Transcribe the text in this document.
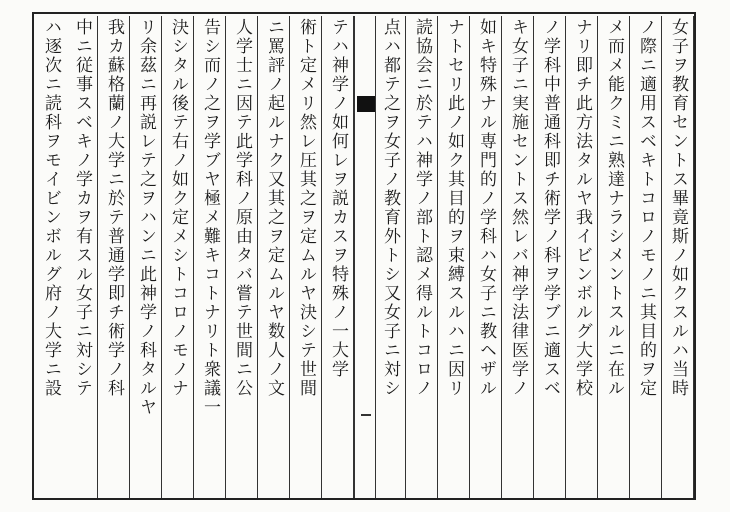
女子ヲ教育セントス畢竟斯ノ如クスルハ当時
ノ際ニ適用スベキトコロノモノニ其目的ヲ定
メ而メ能クミニ熟達ナラシメントスルニ在ル
ナリ即チ此方法タルヤ我イビンボルグ大学校
ノ学科中普通科即チ術学ノ科ヲ学ブニ適スベ
キ女子ニ実施セントス然レバ神学法律医学ノ
如キ特殊ナル専門的ノ学科ハ女子ニ教ヘザル
ナトセリ此ノ如ク其目的ヲ束縛スルハニ因リ
読協会ニ於テハ神学ノ部ト認メ得ルトコロノ
点ハ都テ之ヲ女子ノ教育外トシ又女子ニ対シ
テハ神学ノ如何レヲ説カスヲ特殊ノ一大学
術ト定メリ然レ圧其之ヲ定ムルヤ決シテ世間
ニ罵評ノ起ルナク又其之ヲ定ムルヤ数人ノ文
人学士ニ因テ此学科ノ原由タバ嘗テ世間ニ公
告シ而ノ之ヲ学ブヤ極メ難キコトナリト衆議一
決シタル後テ右ノ如ク定メシトコロノモノナ
リ余茲ニ再説レテ之ヲハンニ此神学ノ科タルヤ
我カ蘇格蘭ノ大学ニ於テ普通学即チ術学ノ科
中ニ従事スベキノ学カヲ有スル女子ニ対シテ
ハ逐次ニ読科ヲモイビンボルグ府ノ大学ニ設
